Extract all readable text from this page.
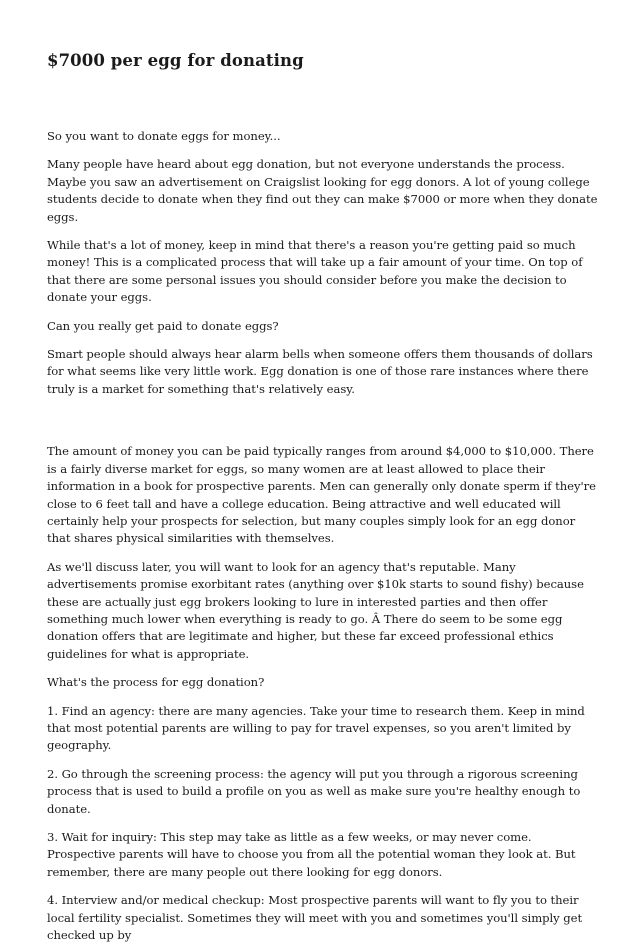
$7000 per egg for donating

So you want to donate eggs for money...

Many people have heard about egg donation, but not everyone understands the process. Maybe you saw an advertisement on Craigslist looking for egg donors. A lot of young college students decide to donate when they find out they can make $7000 or more when they donate eggs.

While that's a lot of money, keep in mind that there's a reason you're getting paid so much money! This is a complicated process that will take up a fair amount of your time. On top of that there are some personal issues you should consider before you make the decision to donate your eggs.

Can you really get paid to donate eggs?

Smart people should always hear alarm bells when someone offers them thousands of dollars for what seems like very little work. Egg donation is one of those rare instances where there truly is a market for something that's relatively easy.

The amount of money you can be paid typically ranges from around $4,000 to $10,000. There is a fairly diverse market for eggs, so many women are at least allowed to place their information in a book for prospective parents. Men can generally only donate sperm if they're close to 6 feet tall and have a college education. Being attractive and well educated will certainly help your prospects for selection, but many couples simply look for an egg donor that shares physical similarities with themselves.

As we'll discuss later, you will want to look for an agency that's reputable. Many advertisements promise exorbitant rates (anything over $10k starts to sound fishy) because these are actually just egg brokers looking to lure in interested parties and then offer something much lower when everything is ready to go. Â There do seem to be some egg donation offers that are legitimate and higher, but these far exceed professional ethics guidelines for what is appropriate.

What's the process for egg donation?

1. Find an agency: there are many agencies. Take your time to research them. Keep in mind that most potential parents are willing to pay for travel expenses, so you aren't limited by geography.

2. Go through the screening process: the agency will put you through a rigorous screening process that is used to build a profile on you as well as make sure you're healthy enough to donate.

3. Wait for inquiry: This step may take as little as a few weeks, or may never come. Prospective parents will have to choose you from all the potential woman they look at. But remember, there are many people out there looking for egg donors.

4. Interview and/or medical checkup: Most prospective parents will want to fly you to their local fertility specialist. Sometimes they will meet with you and sometimes you'll simply get checked up by
